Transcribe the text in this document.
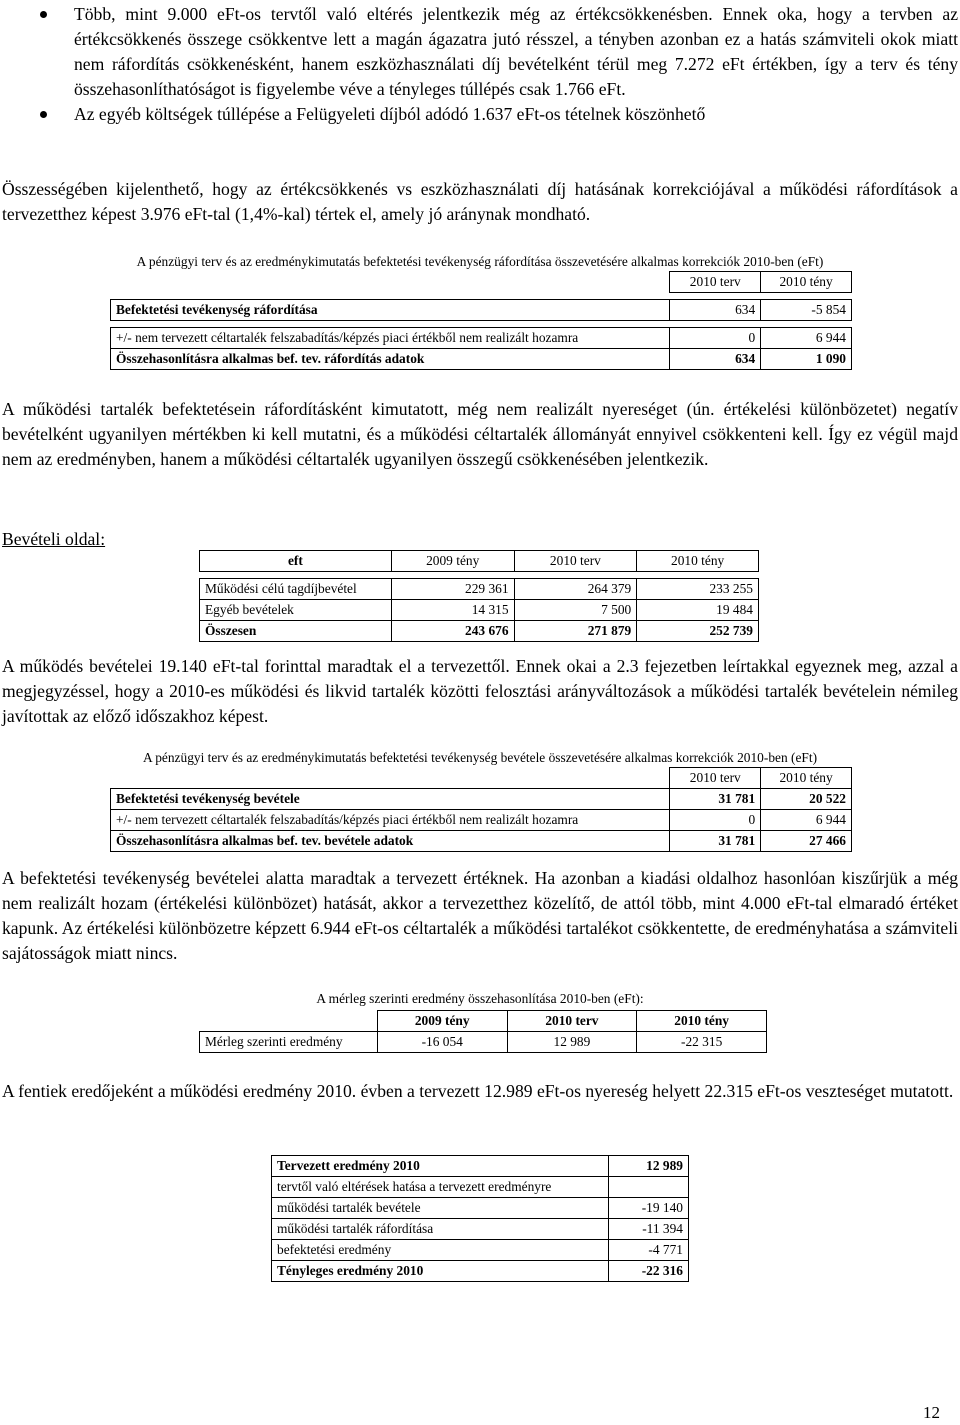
Több, mint 9.000 eFt-os tervtől való eltérés jelentkezik még az értékcsökkenésben. Ennek oka, hogy a tervben az értékcsökkenés összege csökkentve lett a magán ágazatra jutó résszel, a tényben azonban ez a hatás számviteli okok miatt nem ráfordítás csökkenésként, hanem eszközhasználati díj bevételként térül meg 7.272 eFt értékben, így a terv és tény összehasonlíthatóságot is figyelembe véve a tényleges túllépés csak 1.766 eFt.
Az egyéb költségek túllépése a Felügyeleti díjból adódó 1.637 eFt-os tételnek köszönhető

Összességében kijelenthető, hogy az értékcsökkenés vs eszközhasználati díj hatásának korrekciójával a működési ráfordítások a tervezetthez képest 3.976 eFt-tal (1,4%-kal) tértek el, amely jó aránynak mondható.

A pénzügyi terv és az eredménykimutatás befektetési tevékenység ráfordítása összevetésére alkalmas korrekciók 2010-ben (eFt)
	2010 terv	2010 tény

Befektetési tevékenység ráfordítása	634	-5 854

+/- nem tervezett céltartalék felszabadítás/képzés piaci értékből nem realizált hozamra	0	6 944
Összehasonlításra alkalmas bef. tev. ráfordítás adatok	634	1 090

A működési tartalék befektetésein ráfordításként kimutatott, még nem realizált nyereséget (ún. értékelési különbözetet) negatív bevételként ugyanilyen mértékben ki kell mutatni, és a működési céltartalék állományát ennyivel csökkenteni kell. Így ez végül majd nem az eredményben, hanem a működési céltartalék ugyanilyen összegű csökkenésében jelentkezik.

Bevételi oldal:
eft	2009 tény	2010 terv	2010 tény

Működési célú tagdíjbevétel	229 361	264 379	233 255
Egyéb bevételek	14 315	7 500	19 484
Összesen	243 676	271 879	252 739

A működés bevételei 19.140 eFt-tal forinttal maradtak el a tervezettől. Ennek okai a 2.3 fejezetben leírtakkal egyeznek meg, azzal a megjegyzéssel, hogy a 2010-es működési és likvid tartalék közötti felosztási arányváltozások a működési tartalék bevételein némileg javítottak az előző időszakhoz képest.

A pénzügyi terv és az eredménykimutatás befektetési tevékenység bevétele összevetésére alkalmas korrekciók 2010-ben (eFt)
	2010 terv	2010 tény
Befektetési tevékenység bevétele	31 781	20 522
+/- nem tervezett céltartalék felszabadítás/képzés piaci értékből nem realizált hozamra	0	6 944
Összehasonlításra alkalmas bef. tev. bevétele adatok	31 781	27 466

A befektetési tevékenység bevételei alatta maradtak a tervezett értéknek. Ha azonban a kiadási oldalhoz hasonlóan kiszűrjük a még nem realizált hozam (értékelési különbözet) hatását, akkor a tervezetthez közelítő, de attól több, mint 4.000 eFt-tal elmaradó értéket kapunk. Az értékelési különbözetre képzett 6.944 eFt-os céltartalék a működési tartalékot csökkentette, de eredményhatása a számviteli sajátosságok miatt nincs.

A mérleg szerinti eredmény összehasonlítása 2010-ben (eFt):
	2009 tény	2010 terv	2010 tény
Mérleg szerinti eredmény	-16 054	12 989	-22 315

A fentiek eredőjeként a működési eredmény 2010. évben a tervezett 12.989 eFt-os nyereség helyett 22.315 eFt-os veszteséget mutatott.

Tervezett eredmény 2010	12 989
tervtől való eltérések hatása a tervezett eredményre	
működési tartalék bevétele	-19 140
működési tartalék ráfordítása	-11 394
befektetési eredmény	-4 771
Tényleges eredmény 2010	-22 316
12
